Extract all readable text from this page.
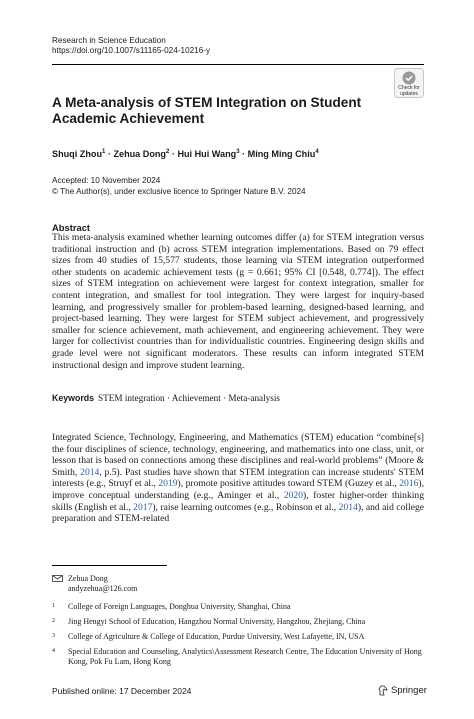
Research in Science Education
https://doi.org/10.1007/s11165-024-10216-y
Check for
updates
A Meta-analysis of STEM Integration on Student Academic Achievement
Shuqi Zhou$^1$ · Zehua Dong$^2$ · Hui Hui Wang$^3$ · Ming Ming Chiu$^4$
Accepted: 10 November 2024
© The Author(s), under exclusive licence to Springer Nature B.V. 2024
Abstract

This meta-analysis examined whether learning outcomes differ (a) for STEM integration versus traditional instruction and (b) across STEM integration implementations. Based on 79 effect sizes from 40 studies of 15,577 students, those learning via STEM integration outperformed other students on academic achievement tests (g = 0.661; 95% CI [0.548, 0.774]). The effect sizes of STEM integration on achievement were largest for context integration, smaller for content integration, and smallest for tool integration. They were largest for inquiry-based learning, and progressively smaller for problem-based learning, designed-based learning, and project-based learning. They were largest for STEM subject achievement, and progressively smaller for science achievement, math achievement, and engineering achievement. They were larger for collectivist countries than for individualistic countries. Engineering design skills and grade level were not significant moderators. These results can inform integrated STEM instructional design and improve student learning.

Keywords STEM integration · Achievement · Meta-analysis

Integrated Science, Technology, Engineering, and Mathematics (STEM) education “combine[s] the four disciplines of science, technology, engineering, and mathematics into one class, unit, or lesson that is based on connections among these disciplines and real-world problems” (Moore & Smith, 2014, p.5). Past studies have shown that STEM integration can increase students' STEM interests (e.g., Struyf et al., 2019), promote positive attitudes toward STEM (Guzey et al., 2016), improve conceptual understanding (e.g., Aminger et al., 2020), foster higher-order thinking skills (English et al., 2017), raise learning outcomes (e.g., Robinson et al., 2014), and aid college preparation and STEM-related

Zehua Dong
andyzehua@126.com
1 College of Foreign Languages, Donghua University, Shanghai, China
2 Jing Hengyi School of Education, Hangzhou Normal University, Hangzhou, Zhejiang, China
3 College of Agriculture & College of Education, Purdue University, West Lafayette, IN, USA
4 Special Education and Counseling, Analytics\Assessment Research Centre, The Education University of Hong Kong, Pok Fu Lam, Hong Kong
Published online: 17 December 2024	Springer
